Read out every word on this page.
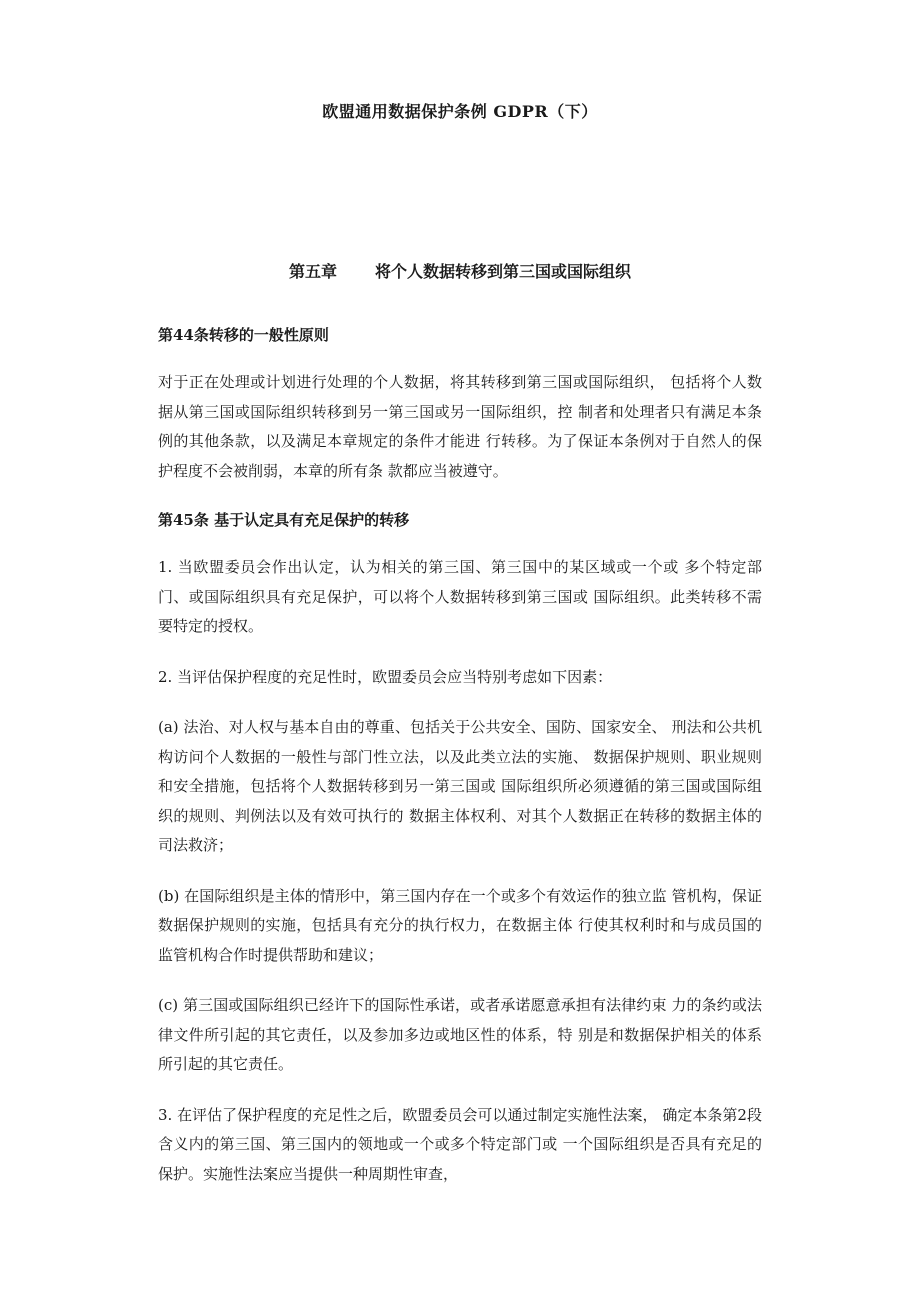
欧盟通用数据保护条例 GDPR（下）
第五章 将个人数据转移到第三国或国际组织
第44条转移的一般性原则

对于正在处理或计划进行处理的个人数据，将其转移到第三国或国际组织， 包括将个人数据从第三国或国际组织转移到另一第三国或另一国际组织，控 制者和处理者只有满足本条例的其他条款，以及满足本章规定的条件才能进 行转移。为了保证本条例对于自然人的保护程度不会被削弱，本章的所有条 款都应当被遵守。

第45条 基于认定具有充足保护的转移

1. 当欧盟委员会作出认定，认为相关的第三国、第三国中的某区域或一个或 多个特定部门、或国际组织具有充足保护，可以将个人数据转移到第三国或 国际组织。此类转移不需要特定的授权。

2. 当评估保护程度的充足性时，欧盟委员会应当特别考虑如下因素：

(a) 法治、对人权与基本自由的尊重、包括关于公共安全、国防、国家安全、 刑法和公共机构访问个人数据的一般性与部门性立法，以及此类立法的实施、 数据保护规则、职业规则和安全措施，包括将个人数据转移到另一第三国或 国际组织所必须遵循的第三国或国际组织的规则、判例法以及有效可执行的 数据主体权利、对其个人数据正在转移的数据主体的司法救济；

(b) 在国际组织是主体的情形中，第三国内存在一个或多个有效运作的独立监 管机构，保证数据保护规则的实施，包括具有充分的执行权力，在数据主体 行使其权利时和与成员国的监管机构合作时提供帮助和建议；

(c) 第三国或国际组织已经许下的国际性承诺，或者承诺愿意承担有法律约束 力的条约或法律文件所引起的其它责任，以及参加多边或地区性的体系，特 别是和数据保护相关的体系所引起的其它责任。

3. 在评估了保护程度的充足性之后，欧盟委员会可以通过制定实施性法案， 确定本条第2段含义内的第三国、第三国内的领地或一个或多个特定部门或 一个国际组织是否具有充足的保护。实施性法案应当提供一种周期性审查，
